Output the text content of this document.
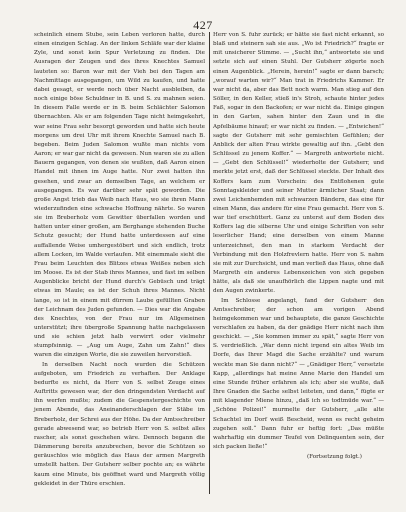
427

scheinlich einem Stube, sein Leben verloren hatte, durch einen einzigen Schlag. An der linken Schläfe war der klaine Zyle, und sonst kein Spur Verletzung zu finden. Die Ausragen der Zeugen und des ihres Knechtes Samuel lauteten so: Baron war mit der Vieh bei den Tagen am Nachmittage ausgegangen, um Wild zu kaufen, und hatte dabei gesagt, er werde noch über Nacht ausbleiben, da noch einige böse Schuldner in B. und S. zu mahnen seien. In diesem Falle werde er in B. beim Schlächter Salomon übernachten. Als er am folgenden Tage nicht heimgekehrt, war seine Frau sehr besorgt geworden und hatte sich heute morgens um drei Uhr mit ihrem Knechte Samuel nach B. begeben. Beim Juden Salomon wußte man nichts vom Aaron; er war gar nicht da gewesen. Nun waren sie zu allen Bauern gegangen, von denen sie wußten, daß Aaron einen Handel mit ihnen im Auge hatte. Nur zwei hatten ihn gesehen, und zwar an demselben Tage, an welchem er ausgegangen. Es war darüber sehr spät geworden. Die große Angst trieb das Weib nach Haus, wo sie ihren Mann wiederzufinden eine schwache Hoffnung nährte. So waren sie im Breberholz vom Gewitter überfallen worden und hatten unter einer großen, am Berghange stehenden Buche Schutz gesucht; der Hund hatte unterdessen auf eine auffallende Weise umhergestöbert und sich endlich, trotz allem Locken, im Walde verlaufen. Mit einemmale sieht die Frau beim Leuchten des Blitzes etwas Weißes neben sich im Moose. Es ist der Stab ihres Mannes, und fast im selben Augenblicke bricht der Hund durch's Gebüsch und trägt etwas im Maule; es ist der Schuh ihres Mannes. Nicht lange, so ist in einem mit dürrem Laube gefüllten Graben der Leichnam des Juden gefunden. — Dies war die Angabe des Knechtes, von der Frau nur im Allgemeinen unterstützt; ihre übergroße Spannung hatte nachgelassen und sie schien jetzt halb verwirrt oder vielmehr stumpfsinnig. — „Aug um Auge, Zahn um Zahn!“ dies waren die einzigen Worte, die sie zuweilen hervorstieß.

In derselben Nacht noch wurden die Schützen aufgeboten, um Friedrich zu verhaften. Der Anklage bedurfte es nicht, da Herr von S. selbst Zeuge eines Auftritts gewesen war, der den dringendsten Verdacht auf ihn werfen mußte; zudem die Gespenstergeschichte von jenem Abende, das Aneinanderschlagen der Stäbe im Breberholz, der Schrei aus der Höhe. Da der Amtsschreiber gerade abwesend war, so betrieb Herr von S. selbst alles rascher, als sonst geschehen wäre. Dennoch begann die Dämmerung bereits anzubrechen, bevor die Schützen so geräuschlos wie möglich das Haus der armen Margreth umstellt hatten. Der Gutsherr selber pochte an; es währte kaum eine Minute, bis geöffnet ward und Margreth völlig gekleidet in der Thüre erschien.

Herr von S. fuhr zurück; er hätte sie fast nicht erkannt, so blaß und steinern sah sie aus. „Wo ist Friedrich?“ fragte er mit unsicherer Stimme. — „Sucht ihn,“ antwortete sie und setzte sich auf einen Stuhl. Der Gutsherr zögerte noch einen Augenblick. „Herein, herein!“ sagte er dann barsch; „worauf warten wir?“ Man trat in Friedrichs Kammer. Er war nicht da, aber das Bett noch warm. Man stieg auf den Söller, in den Keller, stieß in's Stroh, schaute hinter jedes Faß, sogar in den Backofen; er war nicht da. Einige gingen in den Garten, sahen hinter den Zaun und in die Apfelbäume hinauf; er war nicht zu finden. — „Entwichen!“ sagte der Gutsherr mit sehr gemischten Gefühlen; der Anblick der alten Frau wirkte gewaltig auf ihn. „Gebt den Schlüssel zu jenem Koffer.“ — Margreth antwortete nicht. — „Gebt den Schlüssel!“ wiederholte der Gutsherr, und merkte jetzt erst, daß der Schlüssel steckte. Der Inhalt des Koffers kam zum Vorschein: des Entflohenen gute Sonntagskleider und seiner Mutter ärmlicher Staat; dann zwei Leichenhemden mit schwarzen Bändern, das eine für einen Mann, das andere für eine Frau gemacht. Herr von S. war tief erschüttert. Ganz zu unterst auf dem Boden des Koffers lag die silberne Uhr und einige Schriften von sehr leserlicher Hand; eine derselben von einem Manne unterzeichnet, den man in starkem Verdacht der Verbindung mit den Holzfrevlern hatte. Herr von S. nahm sie mit zur Durchsicht, und man verließ das Haus, ohne daß Margreth ein anderes Lebenszeichen von sich gegeben hätte, als daß sie unaufhörlich die Lippen nagte und mit den Augen zwinkerte.

Im Schlosse angelangt, fand der Gutsherr den Amtsschreiber, der schon am vorigen Abend heimgekommen war und behauptete, die ganze Geschichte verschlafen zu haben, da der gnädige Herr nicht nach ihm geschickt. — „Sie kommen immer zu spät,“ sagte Herr von S. verdrießlich. „War denn nicht irgend ein altes Weib im Dorfe, das Ihrer Magd die Sache erzählte? und warum weckte man Sie dann nicht?“ — „Gnädiger Herr,“ versetzte Kapp, „allerdings hat meine Anne Marie den Handel um eine Stunde früher erfahren als ich; aber sie wußte, daß Ihre Gnaden die Sache selbst leiteten, und dann,“ fügte er mit klagender Miene hinzu, „daß ich so todtmüde war.“ — „Schöne Polizei!“ murmelte der Gutsherr, „alle alte Schachtel im Dorf weiß Bescheid, wenn es recht geheim zugehen soll.“ Dann fuhr er heftig fort: „Das müßte wahrhaftig ein dummer Teufel von Delinquenten sein, der sich packen ließe!“

(Fortsetzung folgt.)
